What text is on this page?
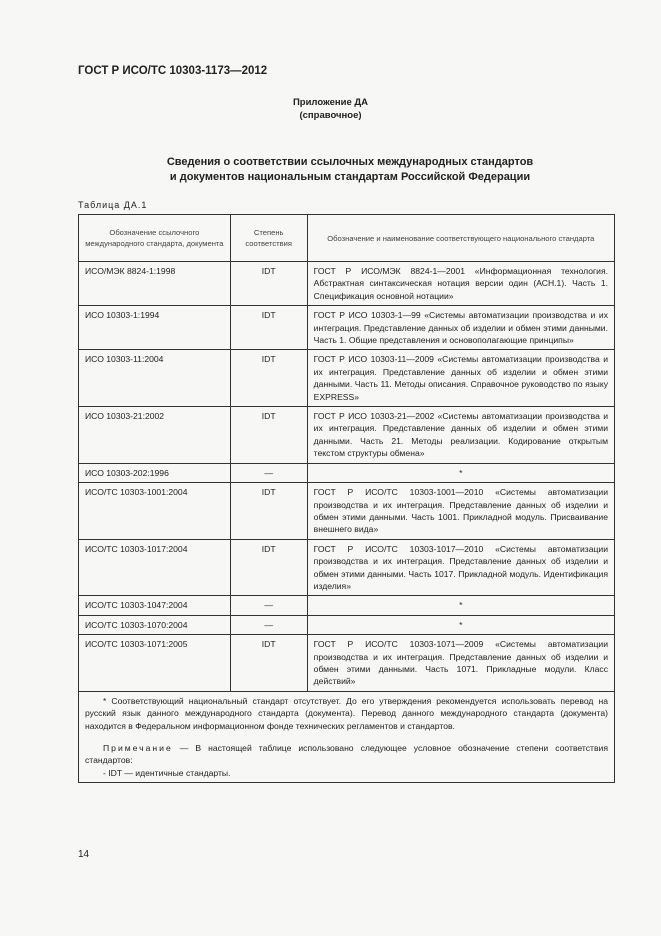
ГОСТ Р ИСО/ТС 10303-1173—2012
Приложение ДА
(справочное)
Сведения о соответствии ссылочных международных стандартов
и документов национальным стандартам Российской Федерации
Таблица ДА.1
Обозначение ссылочного международного стандарта, документа	Степень соответствия	Обозначение и наименование соответствующего национального стандарта
ИСО/МЭК 8824-1:1998	IDT	ГОСТ Р ИСО/МЭК 8824-1—2001 «Информационная технология. Абстрактная синтаксическая нотация версии один (АСН.1). Часть 1. Спецификация основной нотации»
ИСО 10303-1:1994	IDT	ГОСТ Р ИСО 10303-1—99 «Системы автоматизации производства и их интеграция. Представление данных об изделии и обмен этими данными. Часть 1. Общие представления и основополагающие принципы»
ИСО 10303-11:2004	IDT	ГОСТ Р ИСО 10303-11—2009 «Системы автоматизации производства и их интеграция. Представление данных об изделии и обмен этими данными. Часть 11. Методы описания. Справочное руководство по языку EXPRESS»
ИСО 10303-21:2002	IDT	ГОСТ Р ИСО 10303-21—2002 «Системы автоматизации производства и их интеграция. Представление данных об изделии и обмен этими данными. Часть 21. Методы реализации. Кодирование открытым текстом структуры обмена»
ИСО 10303-202:1996	—	*
ИСО/ТС 10303-1001:2004	IDT	ГОСТ Р ИСО/ТС 10303-1001—2010 «Системы автоматизации производства и их интеграция. Представление данных об изделии и обмен этими данными. Часть 1001. Прикладной модуль. Присваивание внешнего вида»
ИСО/ТС 10303-1017:2004	IDT	ГОСТ Р ИСО/ТС 10303-1017—2010 «Системы автоматизации производства и их интеграция. Представление данных об изделии и обмен этими данными. Часть 1017. Прикладной модуль. Идентификация изделия»
ИСО/ТС 10303-1047:2004	—	*
ИСО/ТС 10303-1070:2004	—	*
ИСО/ТС 10303-1071:2005	IDT	ГОСТ Р ИСО/ТС 10303-1071—2009 «Системы автоматизации производства и их интеграция. Представление данных об изделии и обмен этими данными. Часть 1071. Прикладные модули. Класс действий»

* Соответствующий национальный стандарт отсутствует. До его утверждения рекомендуется использовать перевод на русский язык данного международного стандарта (документа). Перевод данного международного стандарта (документа) находится в Федеральном информационном фонде технических регламентов и стандартов.
Примечание — В настоящей таблице использовано следующее условное обозначение степени соответствия стандартов:
- IDT — идентичные стандарты.		
14
